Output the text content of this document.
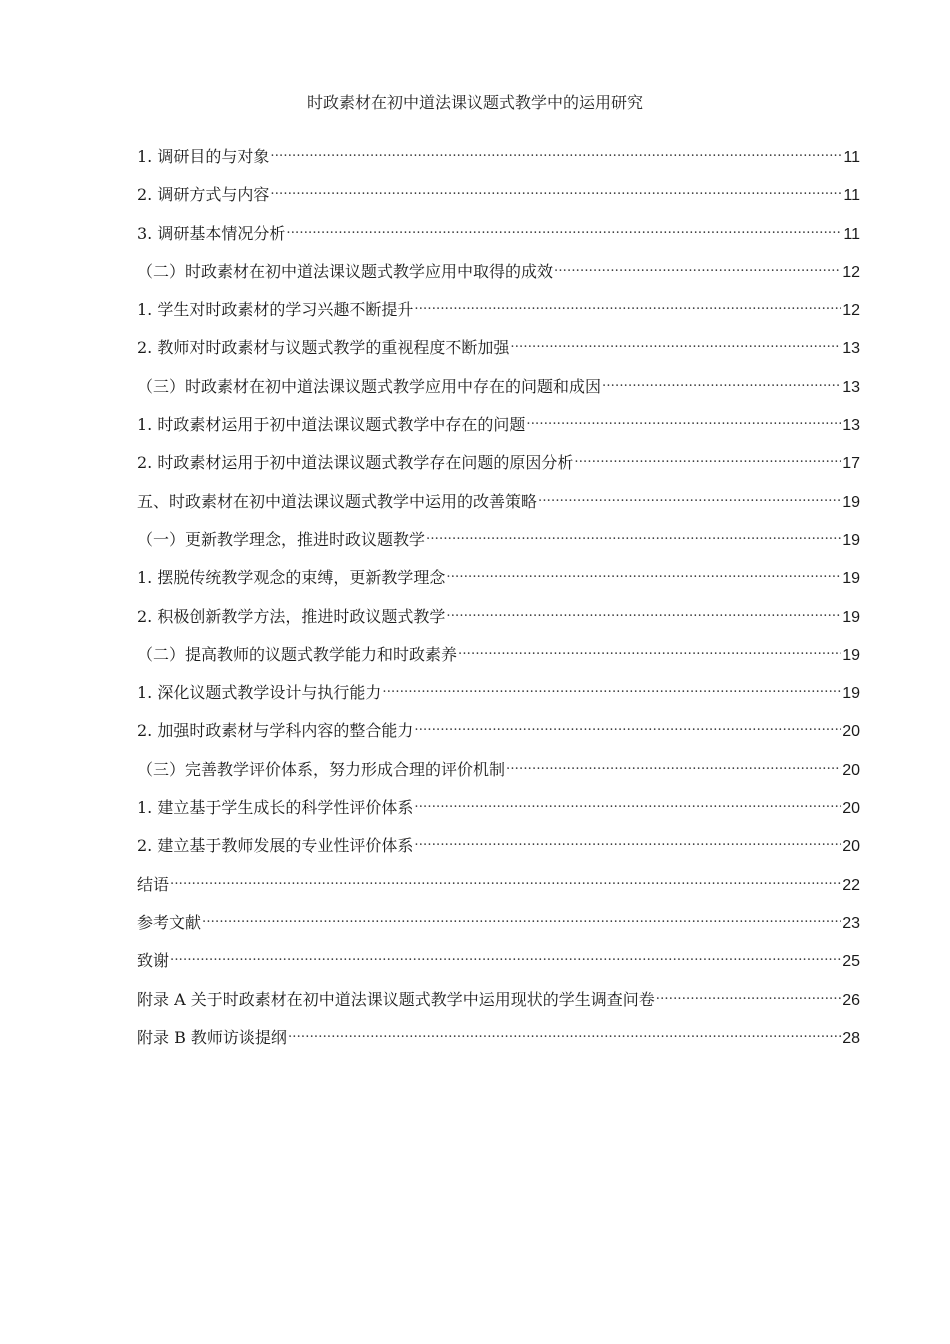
时政素材在初中道法课议题式教学中的运用研究
1. 调研目的与对象 .....	11
2. 调研方式与内容 .....	11
3. 调研基本情况分析 .....	11
（二）时政素材在初中道法课议题式教学应用中取得的成效 .....	12
1. 学生对时政素材的学习兴趣不断提升 .....	12
2. 教师对时政素材与议题式教学的重视程度不断加强 .....	13
（三）时政素材在初中道法课议题式教学应用中存在的问题和成因 .....	13
1. 时政素材运用于初中道法课议题式教学中存在的问题 .....	13
2. 时政素材运用于初中道法课议题式教学存在问题的原因分析 .....	17
五、时政素材在初中道法课议题式教学中运用的改善策略 .....	19
（一）更新教学理念，推进时政议题教学 .....	19
1. 摆脱传统教学观念的束缚，更新教学理念 .....	19
2. 积极创新教学方法，推进时政议题式教学 .....	19
（二）提高教师的议题式教学能力和时政素养 .....	19
1. 深化议题式教学设计与执行能力 .....	19
2. 加强时政素材与学科内容的整合能力 .....	20
（三）完善教学评价体系，努力形成合理的评价机制 .....	20
1. 建立基于学生成长的科学性评价体系 .....	20
2. 建立基于教师发展的专业性评价体系 .....	20
结语 .....	22
参考文献 .....	23
致谢 .....	25
附录 A 关于时政素材在初中道法课议题式教学中运用现状的学生调查问卷 .....	26
附录 B 教师访谈提纲 .....	28
